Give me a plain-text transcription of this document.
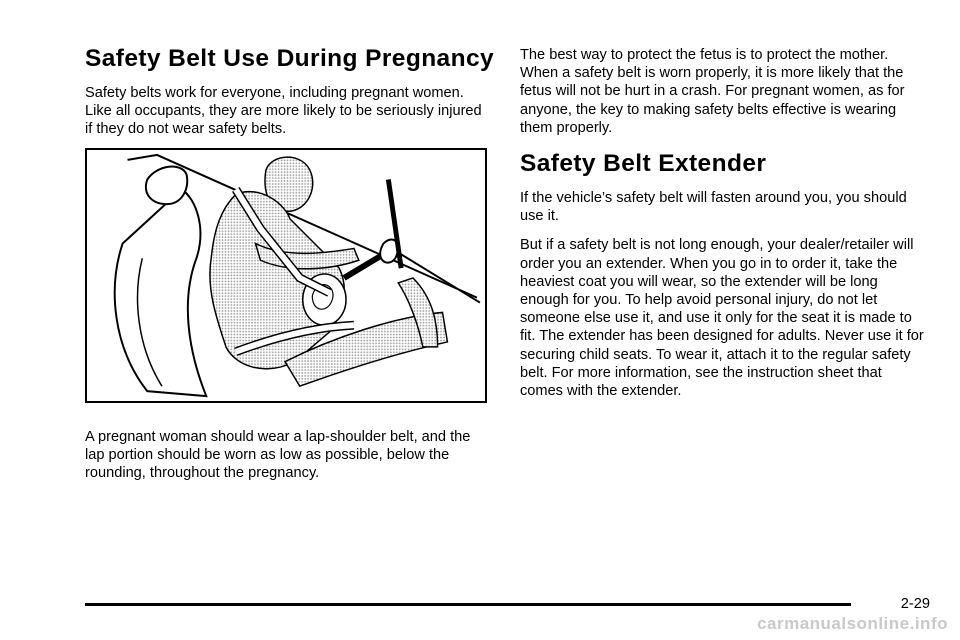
Safety Belt Use During Pregnancy

Safety belts work for everyone, including pregnant women. Like all occupants, they are more likely to be seriously injured if they do not wear safety belts.

A pregnant woman should wear a lap-shoulder belt, and the lap portion should be worn as low as possible, below the rounding, throughout the pregnancy.

The best way to protect the fetus is to protect the mother. When a safety belt is worn properly, it is more likely that the fetus will not be hurt in a crash. For pregnant women, as for anyone, the key to making safety belts effective is wearing them properly.

Safety Belt Extender

If the vehicle’s safety belt will fasten around you, you should use it.

But if a safety belt is not long enough, your dealer/retailer will order you an extender. When you go in to order it, take the heaviest coat you will wear, so the extender will be long enough for you. To help avoid personal injury, do not let someone else use it, and use it only for the seat it is made to fit. The extender has been designed for adults. Never use it for securing child seats. To wear it, attach it to the regular safety belt. For more information, see the instruction sheet that comes with the extender.

2-29
carmanualsonline.info
